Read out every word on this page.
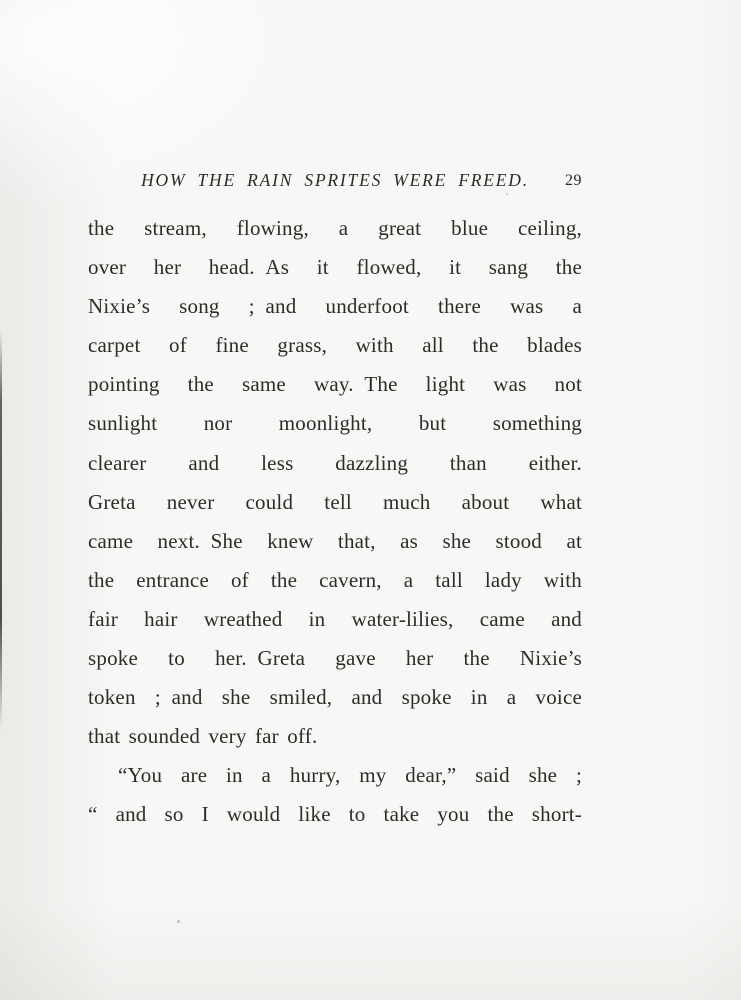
HOW THE RAIN SPRITES WERE FREED. 29
the stream, flowing, a great blue ceiling,
over her head. As it flowed, it sang the
Nixie’s song ; and underfoot there was a
carpet of fine grass, with all the blades
pointing the same way. The light was not
sunlight nor moonlight, but something
clearer and less dazzling than either.
Greta never could tell much about what
came next. She knew that, as she stood at
the entrance of the cavern, a tall lady with
fair hair wreathed in water-lilies, came and
spoke to her. Greta gave her the Nixie’s
token ; and she smiled, and spoke in a voice
that sounded very far off.
“You are in a hurry, my dear,” said she ;
“ and so I would like to take you the short-
